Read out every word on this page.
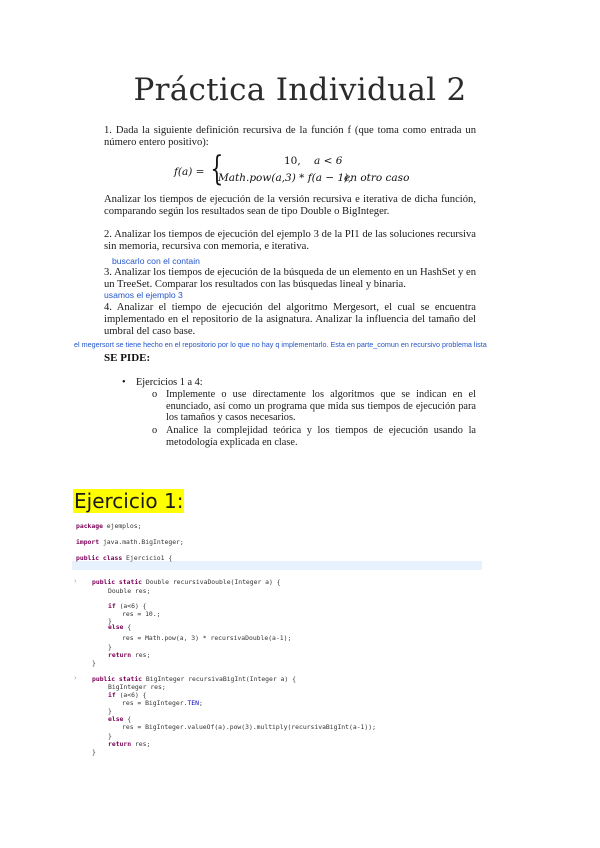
Práctica Individual 2
1. Dada la siguiente definición recursiva de la función f (que toma como entrada un número entero positivo):
f(a) = {	10, a < 6
Math.pow(a,3) * f(a − 1),
en otro caso
Analizar los tiempos de ejecución de la versión recursiva e iterativa de dicha función, comparando según los resultados sean de tipo Double o BigInteger.
2. Analizar los tiempos de ejecución del ejemplo 3 de la PI1 de las soluciones recursiva sin memoria, recursiva con memoria, e iterativa.
buscarlo con el contain
3. Analizar los tiempos de ejecución de la búsqueda de un elemento en un HashSet y en un TreeSet. Comparar los resultados con las búsquedas lineal y binaria.
usamos el ejemplo 3
4. Analizar el tiempo de ejecución del algoritmo Mergesort, el cual se encuentra implementado en el repositorio de la asignatura. Analizar la influencia del tamaño del umbral del caso base.
el megersort se tiene hecho en el repositorio por lo que no hay q implementarlo. Esta en parte_comun en recursivo problema lista
SE PIDE:
• Ejercicios 1 a 4:
o Implemente o use directamente los algoritmos que se indican en el enunciado, así como un programa que mida sus tiempos de ejecución para los tamaños y casos necesarios.
o Analice la complejidad teórica y los tiempos de ejecución usando la metodología explicada en clase.
Ejercicio 1:
package ejemplos;
import java.math.BigInteger;
public class Ejercicio1 {
› public static Double recursivaDouble(Integer a) {
Double res;
if (a<6) {
res = 10.;
}
else {
res = Math.pow(a, 3) * recursivaDouble(a-1);
}
return res;
}
› public static BigInteger recursivaBigInt(Integer a) {
BigInteger res;
if (a<6) {
res = BigInteger.TEN;
}
else {
res = BigInteger.valueOf(a).pow(3).multiply(recursivaBigInt(a-1));
}
return res;
}
